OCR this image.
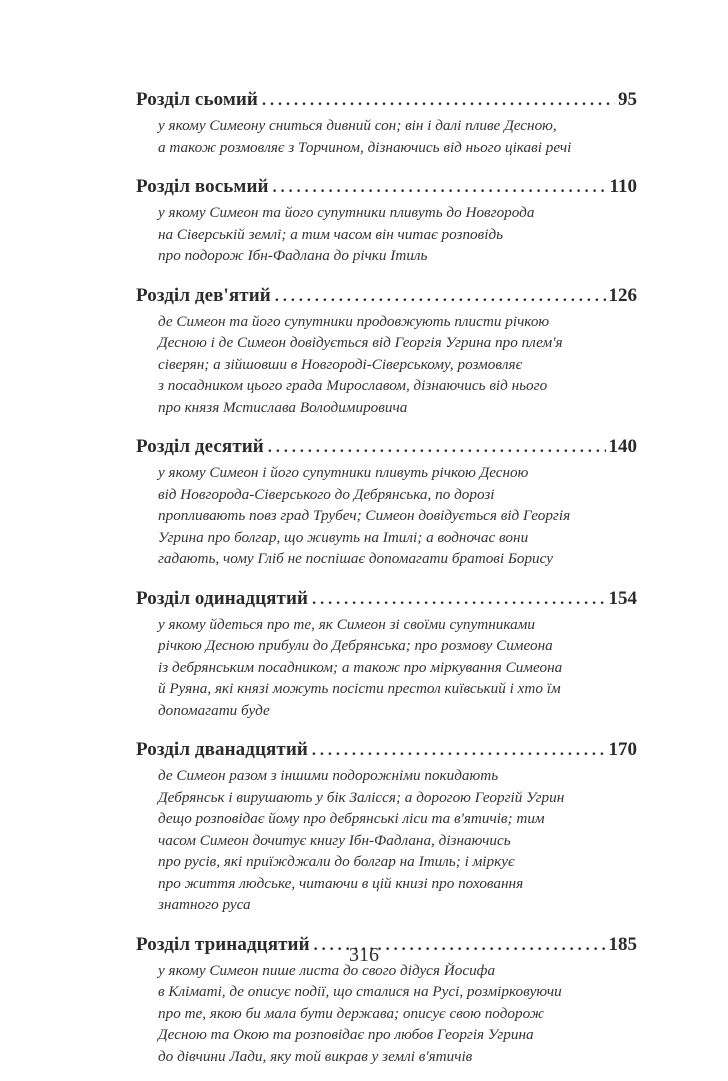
Розділ сьомий . . .	95
у якому Симеону сниться дивний сон; він і далі пливе Десною,
а також розмовляє з Торчином, дізнаючись від нього цікаві речі
Розділ восьмий . . .	110
у якому Симеон та його супутники пливуть до Новгорода
на Сіверській землі; а тим часом він читає розповідь
про подорож Ібн-Фадлана до річки Ітиль
Розділ дев'ятий . . .	126
де Симеон та його супутники продовжують плисти річкою
Десною і де Симеон довідується від Георгія Угрина про плем'я
сіверян; а зійшовши в Новгороді-Сіверському, розмовляє
з посадником цього града Мирославом, дізнаючись від нього
про князя Мстислава Володимировича
Розділ десятий . . .	140
у якому Симеон і його супутники пливуть річкою Десною
від Новгорода-Сіверського до Дебрянська, по дорозі
пропливають повз град Трубеч; Симеон довідується від Георгія
Угрина про болгар, що живуть на Ітилі; а водночас вони
гадають, чому Гліб не поспішає допомагати братові Борису
Розділ одинадцятий . . .	154
у якому йдеться про те, як Симеон зі своїми супутниками
річкою Десною прибули до Дебрянська; про розмову Симеона
із дебрянським посадником; а також про міркування Симеона
й Руяна, які князі можуть посісти престол київський і хто їм
допомагати буде
Розділ дванадцятий . . .	170
де Симеон разом з іншими подорожніми покидають
Дебрянськ і вирушають у бік Залісся; а дорогою Георгій Угрин
дещо розповідає йому про дебрянські ліси та в'ятичів; тим
часом Симеон дочитує книгу Ібн-Фадлана, дізнаючись
про русів, які приїжджали до болгар на Ітиль; і міркує
про життя людське, читаючи в цій книзі про поховання
знатного руса
Розділ тринадцятий . . .	185
у якому Симеон пише листа до свого дідуся Йосифа
в Кліматі, де описує події, що сталися на Русі, розмірковуючи
про те, якою би мала бути держава; описує свою подорож
Десною та Окою та розповідає про любов Георгія Угрина
до дівчини Лади, яку той викрав у землі в'ятичів
316
